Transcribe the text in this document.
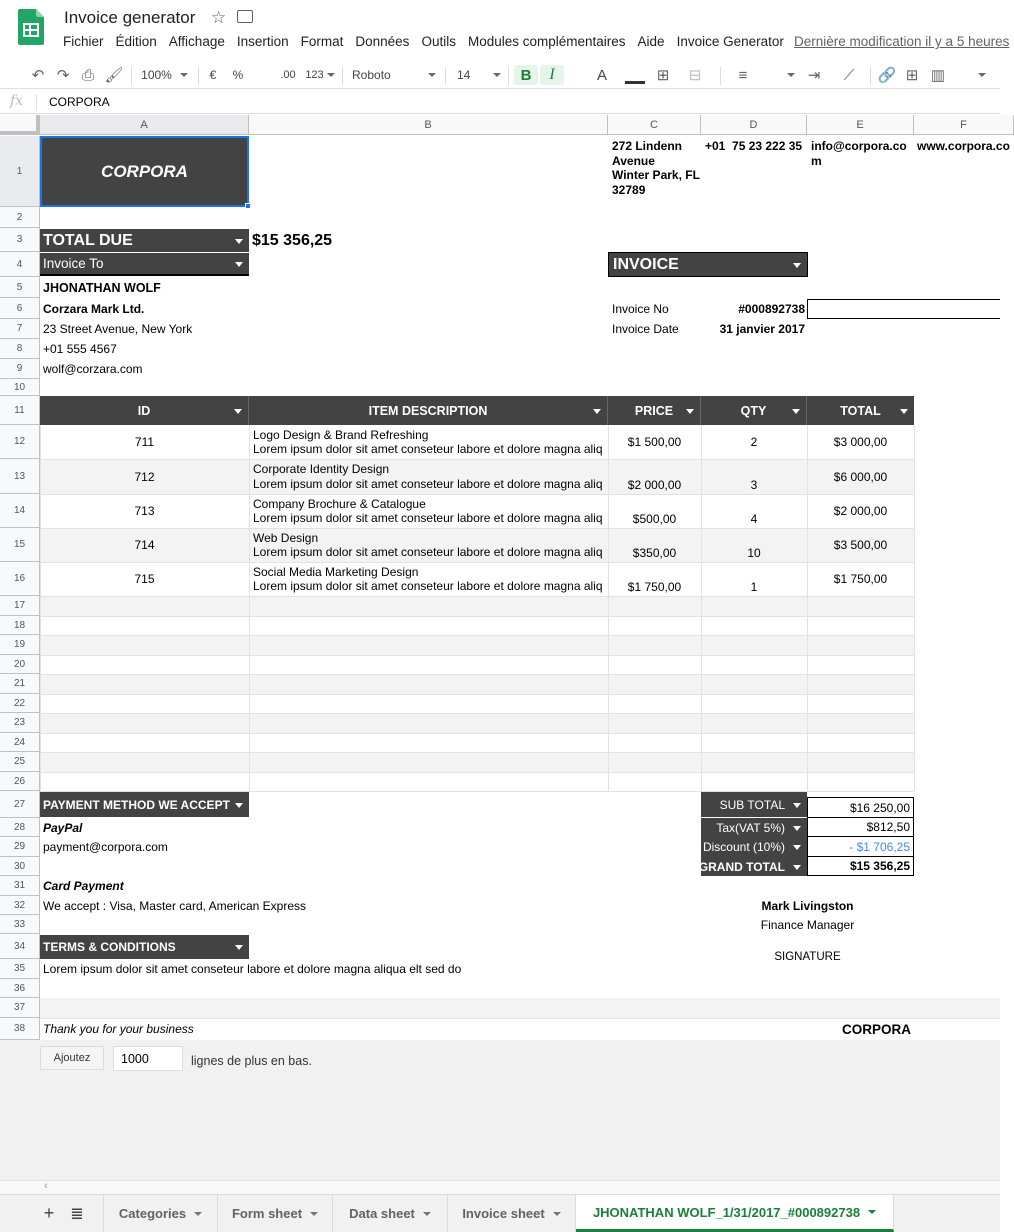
Invoice generator ☆
Fichier Édition Affichage Insertion Format Données Outils Modules complémentaires Aide Invoice Generator Dernière modification il y a 5 heures
↶ ↷ ⎙ 🖌 100%	€	%	.00 123 Roboto	14	B	I	A	⊞	⊟	≡	⇥	⟋	🔗 ⊞ ▥
fx CORPORA
A	B	C	D	E	F
1
2
3
4
5
6
7
8
9
10
11
12
13
14
15
16
17
18
19
20
21
22
23
24
25
26
27
28
29
30
31
32
33
34
35
36
37
38
CORPORA
272 Lindenn
Avenue
Winter Park, FL
32789
+01  75 23 222 35 info@corpora.co
m
www.corpora.co
TOTAL DUE	$15 356,25
Invoice To	INVOICE
JHONATHAN WOLF
Corzara Mark Ltd.
23 Street Avenue, New York
+01 555 4567
wolf@corzara.com
Invoice No	#000892738
Invoice Date	31 janvier 2017
ID	ITEM DESCRIPTION	PRICE	QTY	TOTAL
711
Logo Design & Brand Refreshing
Lorem ipsum dolor sit amet conseteur labore et dolore magna aliq	$1 500,00	2	$3 000,00
712
Corporate Identity Design
Lorem ipsum dolor sit amet conseteur labore et dolore magna aliq	$2 000,00	3
$6 000,00
713
Company Brochure & Catalogue
Lorem ipsum dolor sit amet conseteur labore et dolore magna aliq	$500,00	4
$2 000,00
714
Web Design
Lorem ipsum dolor sit amet conseteur labore et dolore magna aliq	$350,00	10
$3 500,00
715
Social Media Marketing Design
Lorem ipsum dolor sit amet conseteur labore et dolore magna aliq	$1 750,00	1
$1 750,00
PAYMENT METHOD WE ACCEPT
PayPal
payment@corpora.com
Card Payment
We accept : Visa, Master card, American Express
SUB TOTAL	$16 250,00
Tax(VAT 5%)	$812,50
Discount (10%)	- $1 706,25
GRAND TOTAL	$15 356,25
Mark Livingston
Finance Manager
SIGNATURE
TERMS & CONDITIONS
Lorem ipsum dolor sit amet conseteur labore et dolore magna aliqua elt sed do
Thank you for your business	CORPORA
Ajoutez
1000	lignes de plus en bas.
‹
+	≣	Categories	Form sheet	Data sheet	Invoice sheet	JHONATHAN WOLF_1/31/2017_#000892738
